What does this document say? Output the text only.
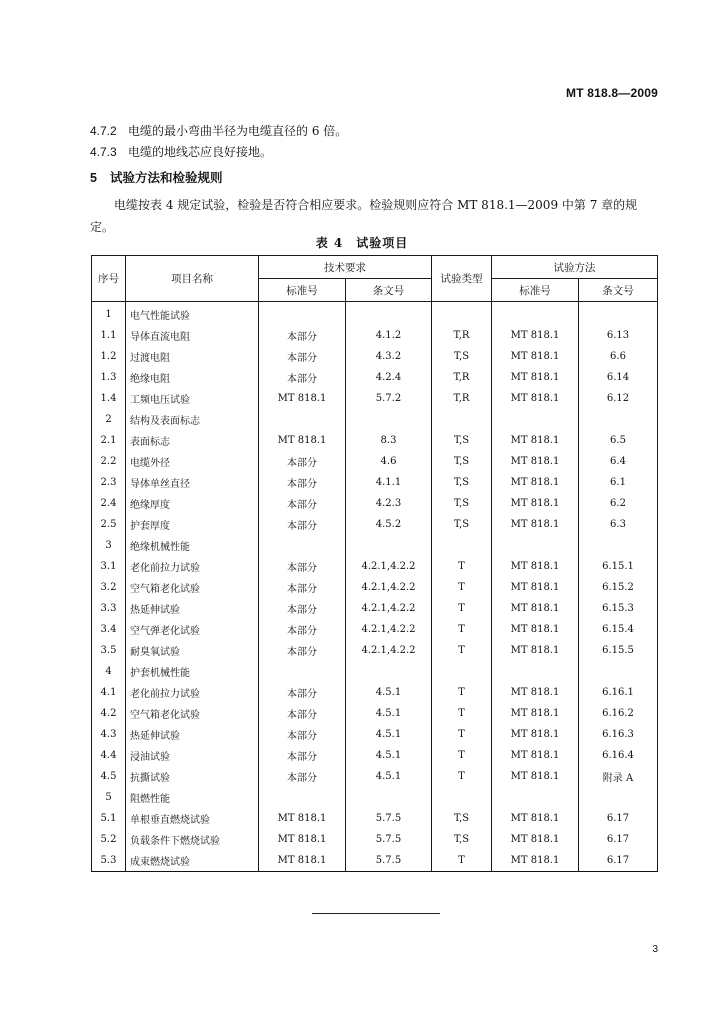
MT 818.8—2009
4.7.2 电缆的最小弯曲半径为电缆直径的 6 倍。
4.7.3 电缆的地线芯应良好接地。
5 试验方法和检验规则
电缆按表 4 规定试验，检验是否符合相应要求。检验规则应符合 MT 818.1—2009 中第 7 章的规定。
表 4　试验项目
序号	项目名称	技术要求		试验类型	试验方法	
		标准号	条文号		标准号	条文号
1	电气性能试验					
1.1	导体直流电阻	本部分	4.1.2	T,R	MT 818.1	6.13
1.2	过渡电阻	本部分	4.3.2	T,S	MT 818.1	6.6
1.3	绝缘电阻	本部分	4.2.4	T,R	MT 818.1	6.14
1.4	工频电压试验	MT 818.1	5.7.2	T,R	MT 818.1	6.12
2	结构及表面标志					
2.1	表面标志	MT 818.1	8.3	T,S	MT 818.1	6.5
2.2	电缆外径	本部分	4.6	T,S	MT 818.1	6.4
2.3	导体单丝直径	本部分	4.1.1	T,S	MT 818.1	6.1
2.4	绝缘厚度	本部分	4.2.3	T,S	MT 818.1	6.2
2.5	护套厚度	本部分	4.5.2	T,S	MT 818.1	6.3
3	绝缘机械性能					
3.1	老化前拉力试验	本部分	4.2.1,4.2.2	T	MT 818.1	6.15.1
3.2	空气箱老化试验	本部分	4.2.1,4.2.2	T	MT 818.1	6.15.2
3.3	热延伸试验	本部分	4.2.1,4.2.2	T	MT 818.1	6.15.3
3.4	空气弹老化试验	本部分	4.2.1,4.2.2	T	MT 818.1	6.15.4
3.5	耐臭氧试验	本部分	4.2.1,4.2.2	T	MT 818.1	6.15.5
4	护套机械性能					
4.1	老化前拉力试验	本部分	4.5.1	T	MT 818.1	6.16.1
4.2	空气箱老化试验	本部分	4.5.1	T	MT 818.1	6.16.2
4.3	热延伸试验	本部分	4.5.1	T	MT 818.1	6.16.3
4.4	浸油试验	本部分	4.5.1	T	MT 818.1	6.16.4
4.5	抗撕试验	本部分	4.5.1	T	MT 818.1	附录 A
5	阻燃性能					
5.1	单根垂直燃烧试验	MT 818.1	5.7.5	T,S	MT 818.1	6.17
5.2	负载条件下燃烧试验	MT 818.1	5.7.5	T,S	MT 818.1	6.17
5.3	成束燃烧试验	MT 818.1	5.7.5	T	MT 818.1	6.17
3
